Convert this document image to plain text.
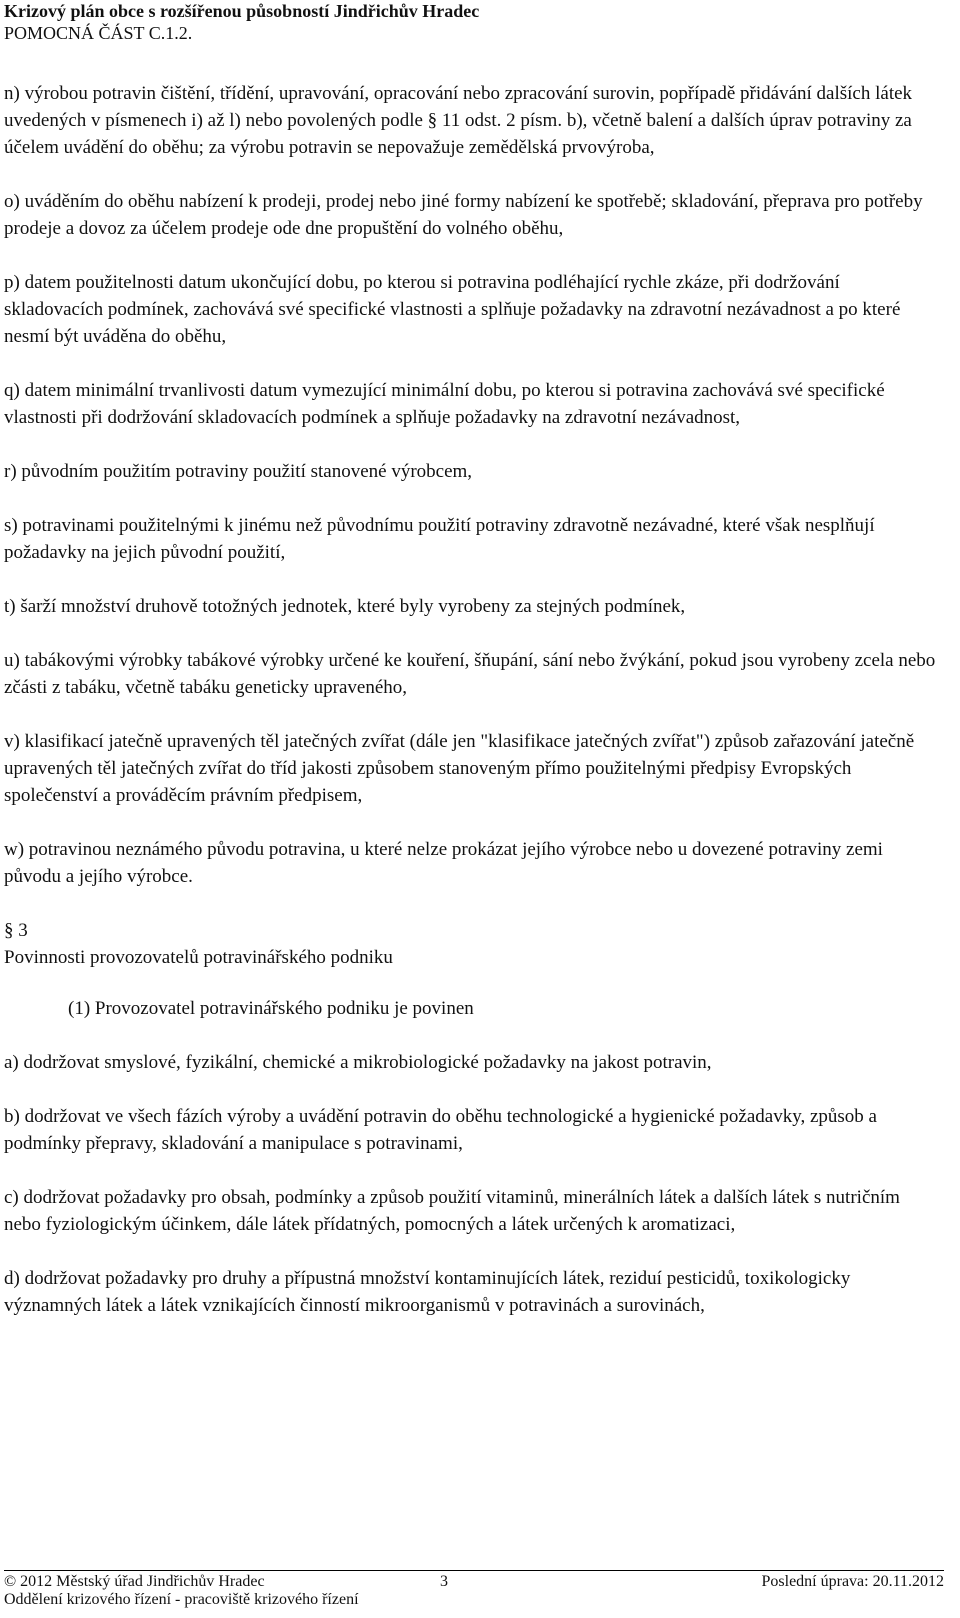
Krizový plán obce s rozšířenou působností Jindřichův Hradec
POMOCNÁ ČÁST C.1.2.

n) výrobou potravin čištění, třídění, upravování, opracování nebo zpracování surovin, popřípadě přidávání dalších látek uvedených v písmenech i) až l) nebo povolených podle § 11 odst. 2 písm. b), včetně balení a dalších úprav potraviny za účelem uvádění do oběhu; za výrobu potravin se nepovažuje zemědělská prvovýroba,

o) uváděním do oběhu nabízení k prodeji, prodej nebo jiné formy nabízení ke spotřebě; skladování, přeprava pro potřeby prodeje a dovoz za účelem prodeje ode dne propuštění do volného oběhu,

p) datem použitelnosti datum ukončující dobu, po kterou si potravina podléhající rychle zkáze, při dodržování skladovacích podmínek, zachovává své specifické vlastnosti a splňuje požadavky na zdravotní nezávadnost a po které nesmí být uváděna do oběhu,

q) datem minimální trvanlivosti datum vymezující minimální dobu, po kterou si potravina zachovává své specifické vlastnosti při dodržování skladovacích podmínek a splňuje požadavky na zdravotní nezávadnost,

r) původním použitím potraviny použití stanovené výrobcem,

s) potravinami použitelnými k jinému než původnímu použití potraviny zdravotně nezávadné, které však nesplňují požadavky na jejich původní použití,

t) šarží množství druhově totožných jednotek, které byly vyrobeny za stejných podmínek,

u) tabákovými výrobky tabákové výrobky určené ke kouření, šňupání, sání nebo žvýkání, pokud jsou vyrobeny zcela nebo zčásti z tabáku, včetně tabáku geneticky upraveného,

v) klasifikací jatečně upravených těl jatečných zvířat (dále jen "klasifikace jatečných zvířat") způsob zařazování jatečně upravených těl jatečných zvířat do tříd jakosti způsobem stanoveným přímo použitelnými předpisy Evropských společenství a prováděcím právním předpisem,

w) potravinou neznámého původu potravina, u které nelze prokázat jejího výrobce nebo u dovezené potraviny zemi původu a jejího výrobce.

§ 3

Povinnosti provozovatelů potravinářského podniku

(1) Provozovatel potravinářského podniku je povinen

a) dodržovat smyslové, fyzikální, chemické a mikrobiologické požadavky na jakost potravin,

b) dodržovat ve všech fázích výroby a uvádění potravin do oběhu technologické a hygienické požadavky, způsob a podmínky přepravy, skladování a manipulace s potravinami,

c) dodržovat požadavky pro obsah, podmínky a způsob použití vitaminů, minerálních látek a dalších látek s nutričním nebo fyziologickým účinkem, dále látek přídatných, pomocných a látek určených k aromatizaci,

d) dodržovat požadavky pro druhy a přípustná množství kontaminujících látek, reziduí pesticidů, toxikologicky významných látek a látek vznikajících činností mikroorganismů v potravinách a surovinách,

© 2012 Městský úřad Jindřichův Hradec	3	Poslední úprava: 20.11.2012
Oddělení krizového řízení - pracoviště krizového řízení
